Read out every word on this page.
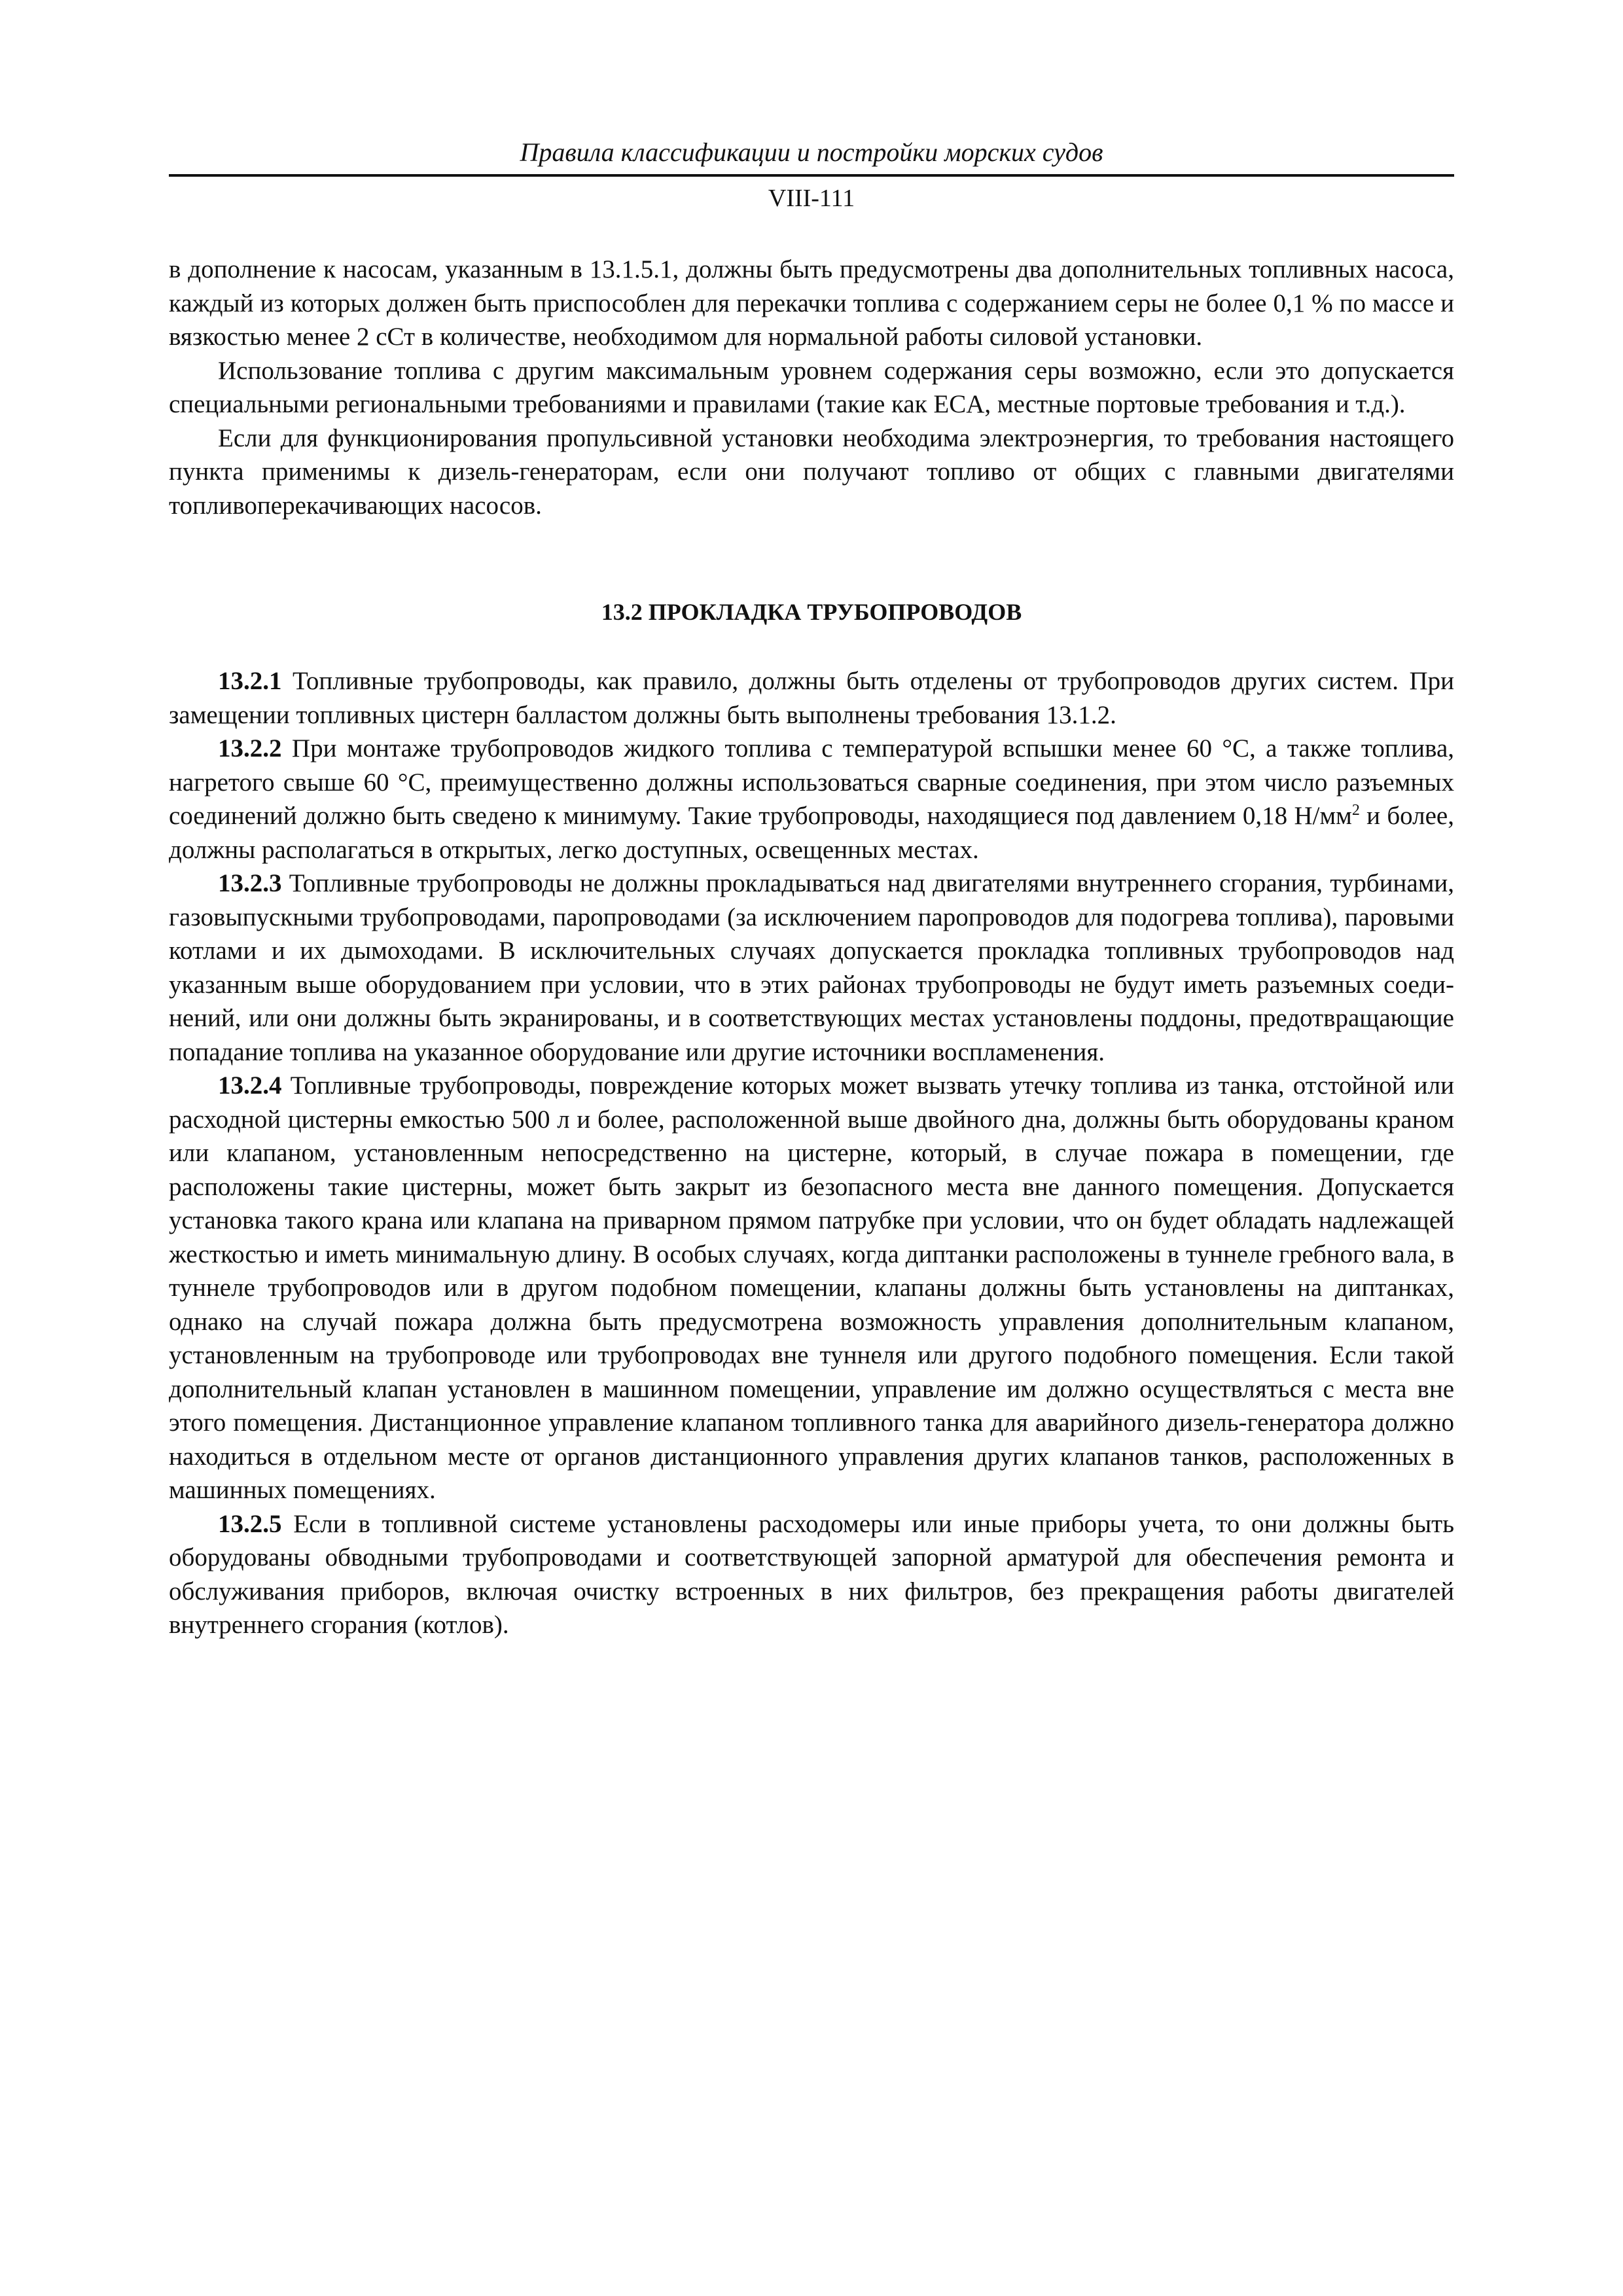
Правила классификации и постройки морских судов
VIII-111

в дополнение к насосам, указанным в 13.1.5.1, должны быть предусмотрены два дополнительных топливных насоса, каждый из которых должен быть приспособлен для перекачки топлива с содержанием серы не более 0,1 % по массе и вязкостью менее 2 сСт в количестве, необходимом для нормальной работы силовой установки.

Использование топлива с другим максимальным уровнем содержания серы возможно, если это допускается специальными региональными требованиями и правилами (такие как ECA, местные портовые требования и т.д.).

Если для функционирования пропульсивной установки необходима электроэнергия, то требования настоящего пункта применимы к дизель-генераторам, если они получают топливо от общих с главными двигателями топливоперекачивающих насосов.

13.2 ПРОКЛАДКА ТРУБОПРОВОДОВ

13.2.1 Топливные трубопроводы, как правило, должны быть отделены от трубопроводов других систем. При замещении топливных цистерн балластом должны быть выполнены требования 13.1.2.

13.2.2 При монтаже трубопроводов жидкого топлива с температурой вспышки менее 60 °С, а также топлива, нагретого свыше 60 °С, преимущественно должны использоваться сварные соединения, при этом число разъемных соединений должно быть сведено к минимуму. Такие трубопроводы, находящиеся под давлением 0,18 $Н/мм^2$ и более, должны располагаться в открытых, легко доступных, освещенных местах.

13.2.3 Топливные трубопроводы не должны прокладываться над двигателями внутреннего сгорания, турбинами, газовыпускными трубопроводами, паропроводами (за исключением паропроводов для подогрева топлива), паровыми котлами и их дымоходами. В исключительных случаях допускается прокладка топливных трубопроводов над указанным выше оборудованием при условии, что в этих районах трубопроводы не будут иметь разъемных соеди-нений, или они должны быть экранированы, и в соответствующих местах установлены поддоны, предотвращающие попадание топлива на указанное оборудование или другие источники воспламенения.

13.2.4 Топливные трубопроводы, повреждение которых может вызвать утечку топлива из танка, отстойной или расходной цистерны емкостью 500 л и более, расположенной выше двойного дна, должны быть оборудованы краном или клапаном, установленным непосредственно на цистерне, который, в случае пожара в помещении, где расположены такие цистерны, может быть закрыт из безопасного места вне данного помещения. Допускается установка такого крана или клапана на приварном прямом патрубке при условии, что он будет обладать надлежащей жесткостью и иметь минимальную длину. В особых случаях, когда диптанки расположены в туннеле гребного вала, в туннеле трубопроводов или в другом подобном помещении, клапаны должны быть установлены на диптанках, однако на случай пожара должна быть предусмотрена возможность управления дополнительным клапаном, установленным на трубопроводе или трубопроводах вне туннеля или другого подобного помещения. Если такой дополнительный клапан установлен в машинном помещении, управление им должно осуществляться с места вне этого помещения. Дистанционное управление клапаном топливного танка для аварийного дизель-генератора должно находиться в отдельном месте от органов дистанционного управления других клапанов танков, расположенных в машинных помещениях.

13.2.5 Если в топливной системе установлены расходомеры или иные приборы учета, то они должны быть оборудованы обводными трубопроводами и соответствующей запорной арматурой для обеспечения ремонта и обслуживания приборов, включая очистку встроенных в них фильтров, без прекращения работы двигателей внутреннего сгорания (котлов).
